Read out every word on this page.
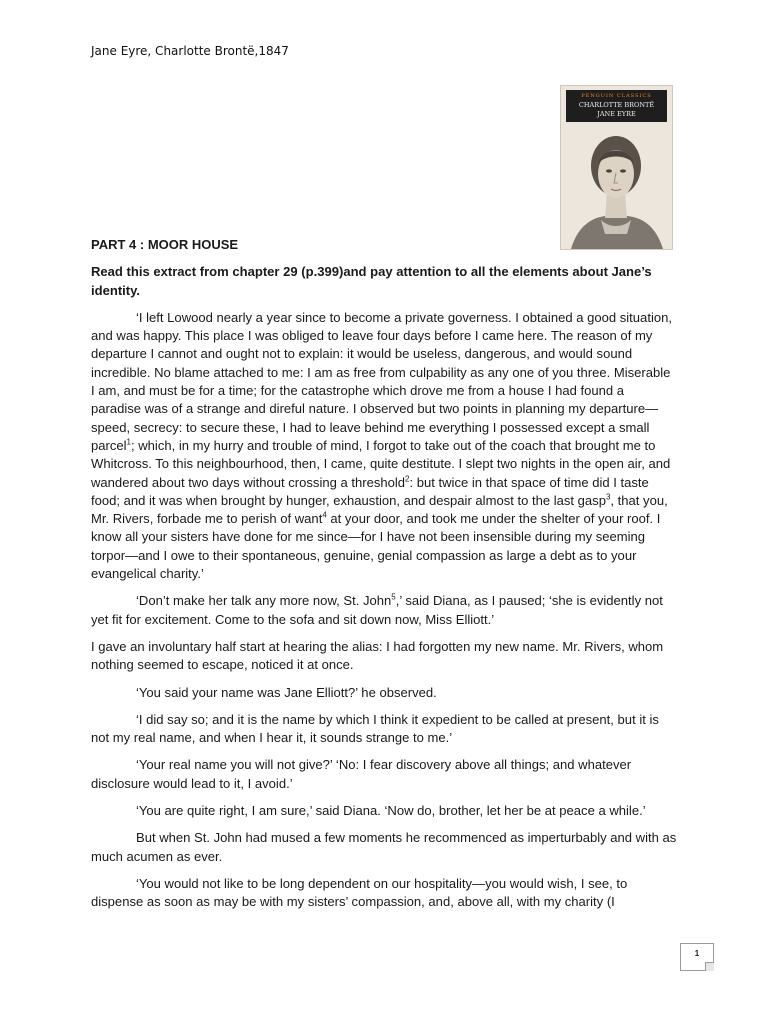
Jane Eyre, Charlotte Brontë,1847
PENGUIN CLASSICS
CHARLOTTE BRONTË
JANE EYRE

PART 4 : MOOR HOUSE

Read this extract from chapter 29 (p.399)and pay attention to all the elements about Jane’s identity.

‘I left Lowood nearly a year since to become a private governess. I obtained a good situation, and was happy. This place I was obliged to leave four days before I came here. The reason of my departure I cannot and ought not to explain: it would be useless, dangerous, and would sound incredible. No blame attached to me: I am as free from culpability as any one of you three. Miserable I am, and must be for a time; for the catastrophe which drove me from a house I had found a paradise was of a strange and direful nature. I observed but two points in planning my departure—speed, secrecy: to secure these, I had to leave behind me everything I possessed except a small parcel$^1$; which, in my hurry and trouble of mind, I forgot to take out of the coach that brought me to Whitcross. To this neighbourhood, then, I came, quite destitute. I slept two nights in the open air, and wandered about two days without crossing a threshold$^2$: but twice in that space of time did I taste food; and it was when brought by hunger, exhaustion, and despair almost to the last gasp$^3$, that you, Mr. Rivers, forbade me to perish of want$^4$ at your door, and took me under the shelter of your roof. I know all your sisters have done for me since—for I have not been insensible during my seeming torpor—and I owe to their spontaneous, genuine, genial compassion as large a debt as to your evangelical charity.’

‘Don’t make her talk any more now, St. John$^5$,’ said Diana, as I paused; ‘she is evidently not yet fit for excitement. Come to the sofa and sit down now, Miss Elliott.’

I gave an involuntary half start at hearing the alias: I had forgotten my new name. Mr. Rivers, whom nothing seemed to escape, noticed it at once.

‘You said your name was Jane Elliott?’ he observed.

‘I did say so; and it is the name by which I think it expedient to be called at present, but it is not my real name, and when I hear it, it sounds strange to me.’

‘Your real name you will not give?’ ‘No: I fear discovery above all things; and whatever disclosure would lead to it, I avoid.’

‘You are quite right, I am sure,’ said Diana. ‘Now do, brother, let her be at peace a while.’

But when St. John had mused a few moments he recommenced as imperturbably and with as much acumen as ever.

‘You would not like to be long dependent on our hospitality—you would wish, I see, to dispense as soon as may be with my sisters’ compassion, and, above all, with my charity (I

1
